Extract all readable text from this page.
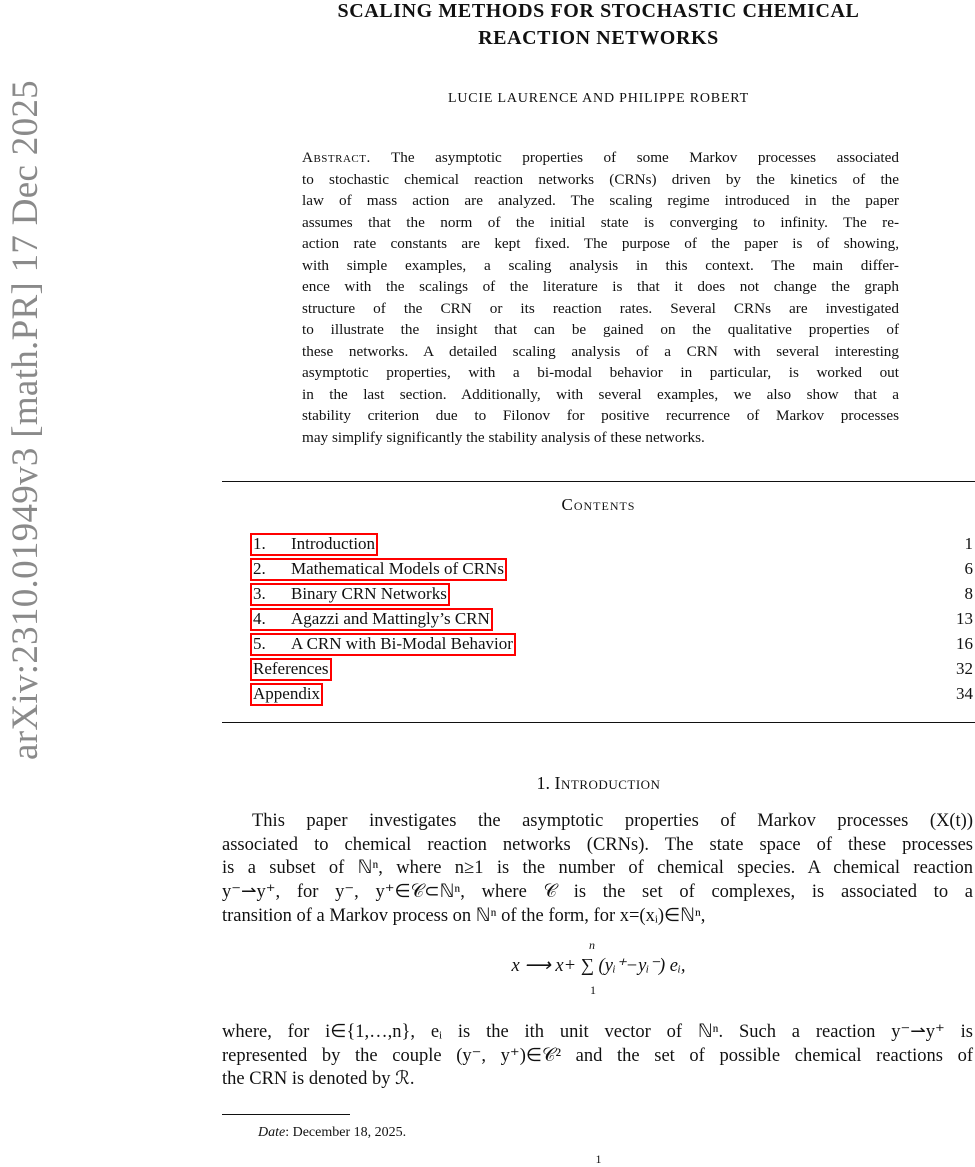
arXiv:2310.01949v3 [math.PR] 17 Dec 2025
SCALING METHODS FOR STOCHASTIC CHEMICAL
REACTION NETWORKS
LUCIE LAURENCE AND PHILIPPE ROBERT
Abstract. The asymptotic properties of some Markov processes associated
to stochastic chemical reaction networks (CRNs) driven by the kinetics of the
law of mass action are analyzed. The scaling regime introduced in the paper
assumes that the norm of the initial state is converging to infinity. The re-
action rate constants are kept fixed. The purpose of the paper is of showing,
with simple examples, a scaling analysis in this context. The main differ-
ence with the scalings of the literature is that it does not change the graph
structure of the CRN or its reaction rates. Several CRNs are investigated
to illustrate the insight that can be gained on the qualitative properties of
these networks. A detailed scaling analysis of a CRN with several interesting
asymptotic properties, with a bi-modal behavior in particular, is worked out
in the last section. Additionally, with several examples, we also show that a
stability criterion due to Filonov for positive recurrence of Markov processes
may simplify significantly the stability analysis of these networks.
Contents
1. Introduction	1
2. Mathematical Models of CRNs	6
3. Binary CRN Networks	8
4. Agazzi and Mattingly’s CRN	13
5. A CRN with Bi-Modal Behavior	16
References	32
Appendix	34
1. Introduction
This paper investigates the asymptotic properties of Markov processes (X(t))
associated to chemical reaction networks (CRNs). The state space of these processes
is a subset of ℕⁿ, where n≥1 is the number of chemical species. A chemical reaction
y⁻⇀y⁺, for y⁻, y⁺∈𝒞⊂ℕⁿ, where 𝒞 is the set of complexes, is associated to a
transition of a Markov process on ℕⁿ of the form, for x=(xᵢ)∈ℕⁿ,
n
x ⟶ x+ ∑ (yᵢ⁺−yᵢ⁻) eᵢ,
1
where, for i∈{1,…,n}, eᵢ is the ith unit vector of ℕⁿ. Such a reaction y⁻⇀y⁺ is
represented by the couple (y⁻, y⁺)∈𝒞² and the set of possible chemical reactions of
the CRN is denoted by ℛ.
Date: December 18, 2025.
1
